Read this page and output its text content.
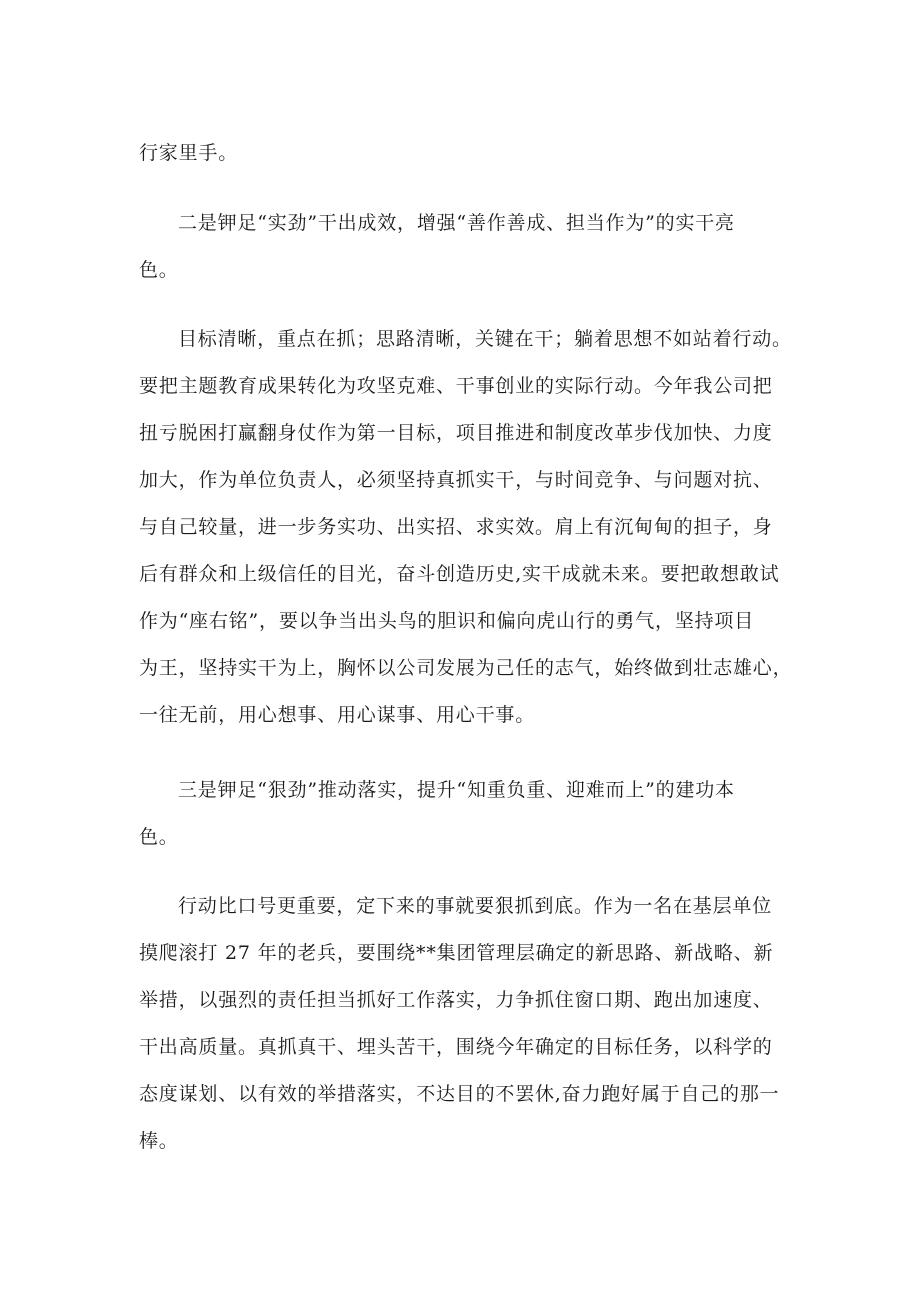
行家里手。
二是钾足“实劲”干出成效，增强“善作善成、担当作为”的实干亮
色。
目标清晰，重点在抓；思路清晰，关键在干；躺着思想不如站着行动。
要把主题教育成果转化为攻坚克难、干事创业的实际行动。今年我公司把
扭亏脱困打赢翻身仗作为第一目标，项目推进和制度改革步伐加快、力度
加大，作为单位负责人，必须坚持真抓实干，与时间竞争、与问题对抗、
与自己较量，进一步务实功、出实招、求实效。肩上有沉甸甸的担子，身
后有群众和上级信任的目光，奋斗创造历史,实干成就未来。要把敢想敢试
作为“座右铭”，要以争当出头鸟的胆识和偏向虎山行的勇气，坚持项目
为王，坚持实干为上，胸怀以公司发展为己任的志气，始终做到壮志雄心，
一往无前，用心想事、用心谋事、用心干事。
三是钾足“狠劲”推动落实，提升“知重负重、迎难而上”的建功本
色。
行动比口号更重要，定下来的事就要狠抓到底。作为一名在基层单位
摸爬滚打 27 年的老兵，要围绕**集团管理层确定的新思路、新战略、新
举措，以强烈的责任担当抓好工作落实，力争抓住窗口期、跑出加速度、
干出高质量。真抓真干、埋头苦干，围绕今年确定的目标任务，以科学的
态度谋划、以有效的举措落实，不达目的不罢休,奋力跑好属于自己的那一
棒。
